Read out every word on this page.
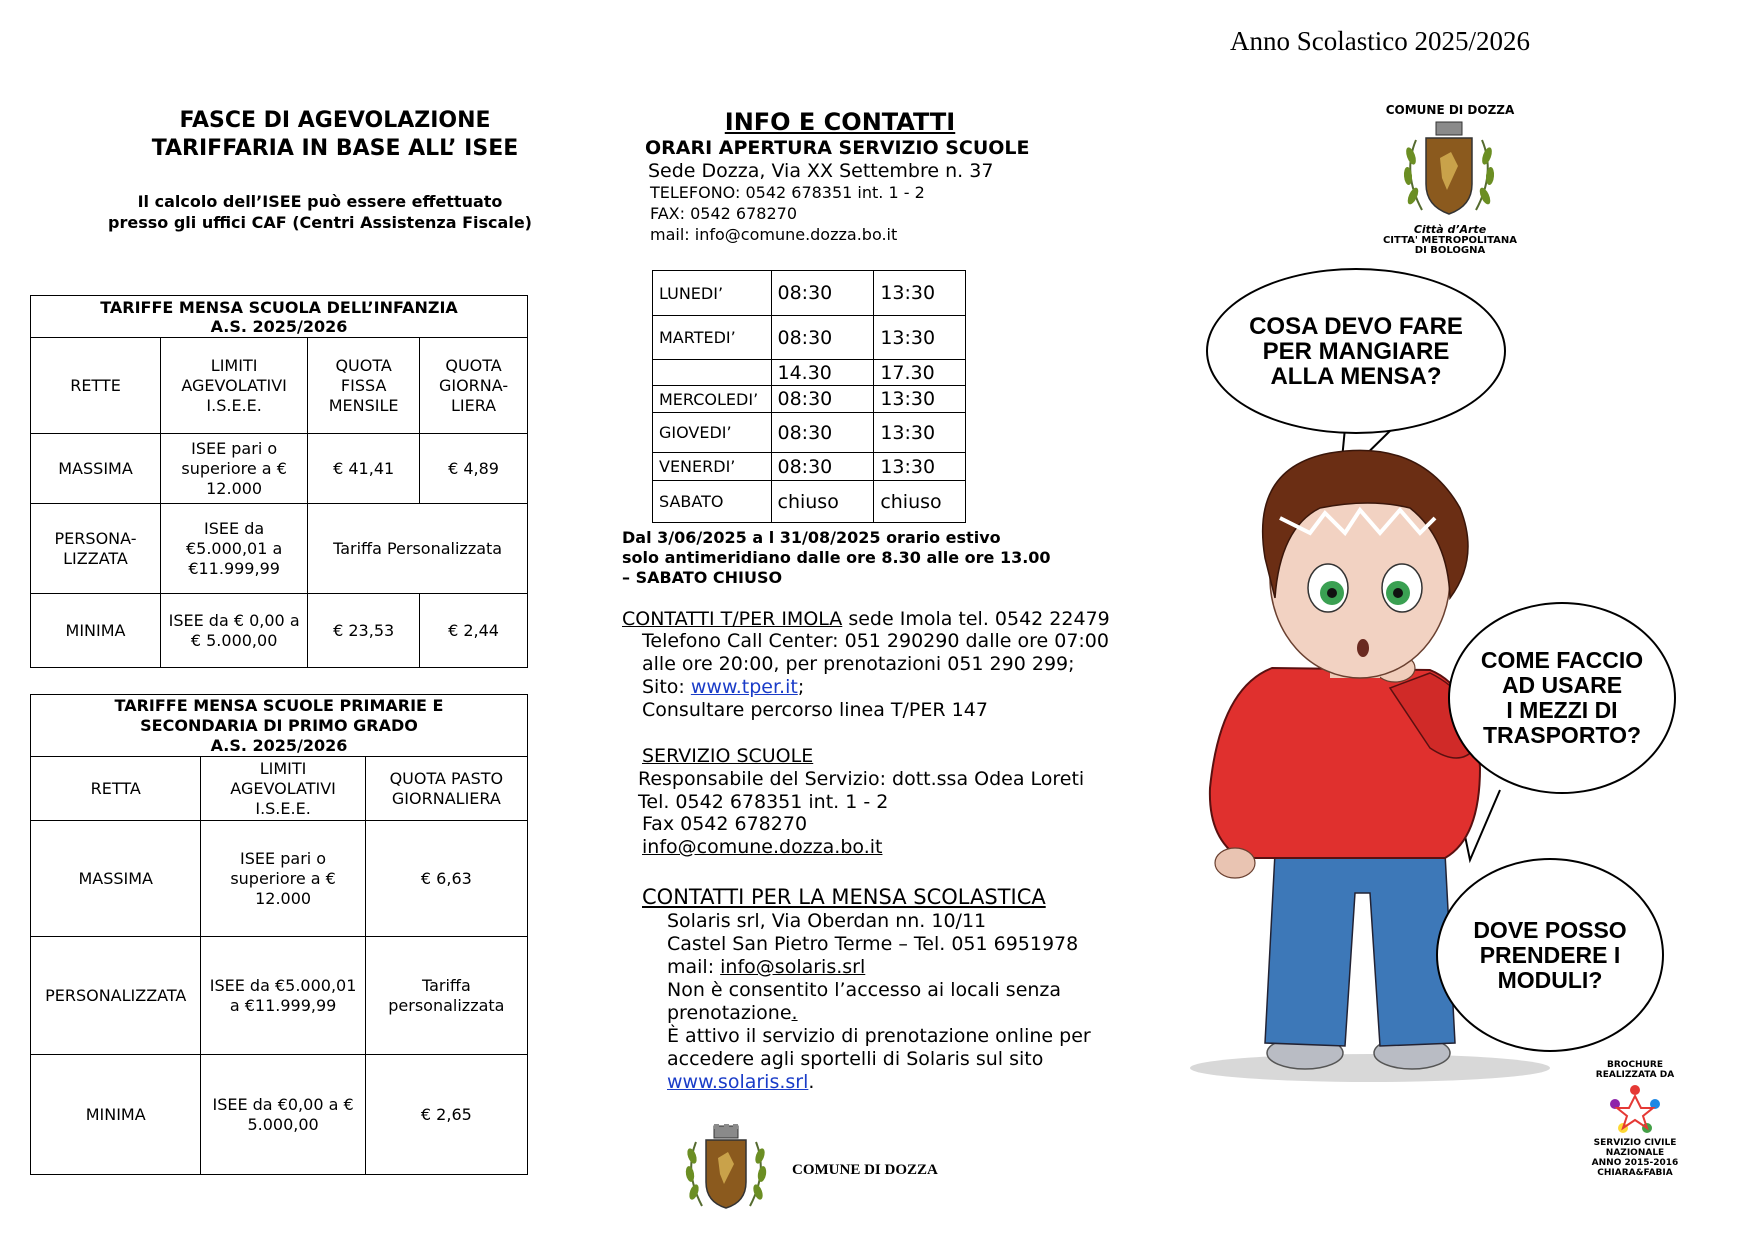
Anno Scolastico 2025/2026
FASCE DI AGEVOLAZIONE
TARIFFARIA IN BASE ALL’ ISEE
Il calcolo dell’ISEE può essere effettuato
presso gli uffici CAF (Centri Assistenza Fiscale)
TARIFFE MENSA SCUOLA DELL’INFANZIA
A.S. 2025/2026			

RETTE	LIMITI AGEVOLATIVI I.S.E.E.	QUOTA FISSA MENSILE	QUOTA GIORNA-LIERA
MASSIMA	ISEE pari o superiore a € 12.000	€ 41,41	€ 4,89
PERSONA-LIZZATA	ISEE da €5.000,01 a €11.999,99	Tariffa Personalizzata	
MINIMA	ISEE da € 0,00 a € 5.000,00	€ 23,53	€ 2,44
TARIFFE MENSA SCUOLE PRIMARIE E
SECONDARIA DI PRIMO GRADO
A.S. 2025/2026		

RETTA	LIMITI AGEVOLATIVI I.S.E.E.	QUOTA PASTO GIORNALIERA
MASSIMA	ISEE pari o superiore a € 12.000	€ 6,63
PERSONALIZZATA	ISEE da €5.000,01 a €11.999,99	Tariffa personalizzata
MINIMA	ISEE da €0,00 a € 5.000,00	€ 2,65
INFO E CONTATTI
ORARI APERTURA SERVIZIO SCUOLE
Sede Dozza, Via XX Settembre n. 37
TELEFONO: 0542 678351 int. 1 - 2
FAX: 0542 678270
mail: info@comune.dozza.bo.it
LUNEDI’	08:30	13:30
MARTEDI’	08:30	13:30
	14.30	17.30
MERCOLEDI’	08:30	13:30
GIOVEDI’	08:30	13:30
VENERDI’	08:30	13:30
SABATO	chiuso	chiuso
Dal 3/06/2025 a l 31/08/2025 orario estivo
solo antimeridiano dalle ore 8.30 alle ore 13.00
– SABATO CHIUSO
CONTATTI T/PER IMOLA sede Imola tel. 0542 22479
Telefono Call Center: 051 290290 dalle ore 07:00
alle ore 20:00, per prenotazioni 051 290 299;
Sito: www.tper.it;
Consultare percorso linea T/PER 147
SERVIZIO SCUOLE
Responsabile del Servizio: dott.ssa Odea Loreti
Tel. 0542 678351 int. 1 - 2
Fax 0542 678270
info@comune.dozza.bo.it
CONTATTI PER LA MENSA SCOLASTICA
Solaris srl, Via Oberdan nn. 10/11
Castel San Pietro Terme – Tel. 051 6951978
mail: info@solaris.srl
Non è consentito l’accesso ai locali senza
prenotazione.
È attivo il servizio di prenotazione online per
accedere agli sportelli di Solaris sul sito
www.solaris.srl.
COMUNE DI DOZZA
COMUNE DI DOZZA
Città d’Arte
CITTA' METROPOLITANA
DI BOLOGNA
COSA DEVO FARE
PER MANGIARE
ALLA MENSA?
COME FACCIO
AD USARE
I MEZZI DI
TRASPORTO?
DOVE POSSO
PRENDERE I
MODULI?
BROCHURE
REALIZZATA DA
SERVIZIO CIVILE
NAZIONALE
ANNO 2015-2016
CHIARA&FABIA
